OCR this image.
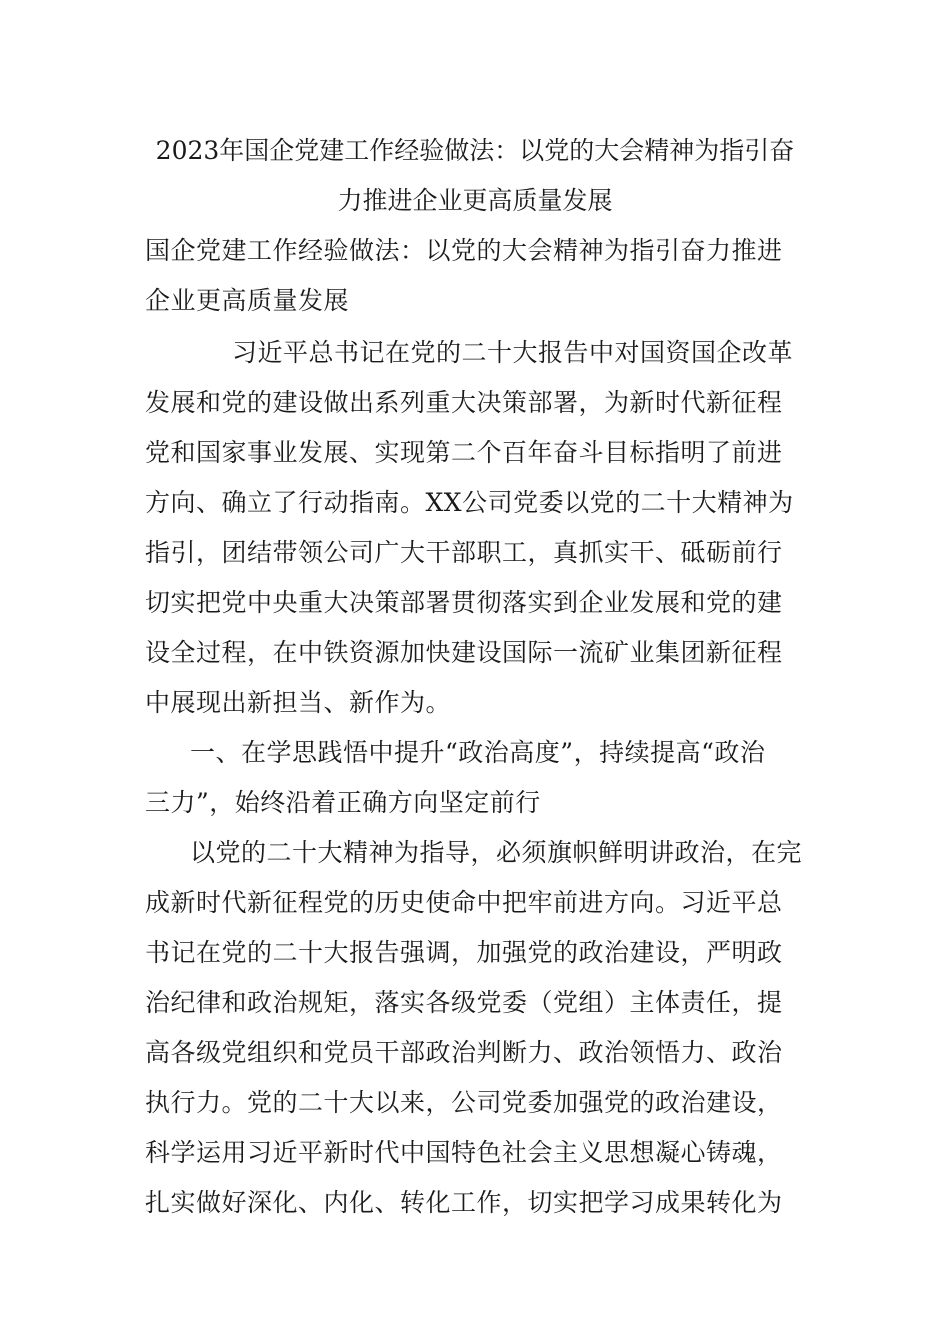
2023年国企党建工作经验做法：以党的大会精神为指引奋
力推进企业更高质量发展
国企党建工作经验做法：以党的大会精神为指引奋力推进
企业更高质量发展
习近平总书记在党的二十大报告中对国资国企改革
发展和党的建设做出系列重大决策部署，为新时代新征程
党和国家事业发展、实现第二个百年奋斗目标指明了前进
方向、确立了行动指南。XX公司党委以党的二十大精神为
指引，团结带领公司广大干部职工，真抓实干、砥砺前行
切实把党中央重大决策部署贯彻落实到企业发展和党的建
设全过程，在中铁资源加快建设国际一流矿业集团新征程
中展现出新担当、新作为。
一、在学思践悟中提升“政治高度”，持续提高“政治
三力”，始终沿着正确方向坚定前行
以党的二十大精神为指导，必须旗帜鲜明讲政治，在完
成新时代新征程党的历史使命中把牢前进方向。习近平总
书记在党的二十大报告强调，加强党的政治建设，严明政
治纪律和政治规矩，落实各级党委（党组）主体责任，提
高各级党组织和党员干部政治判断力、政治领悟力、政治
执行力。党的二十大以来，公司党委加强党的政治建设，
科学运用习近平新时代中国特色社会主义思想凝心铸魂，
扎实做好深化、内化、转化工作，切实把学习成果转化为
